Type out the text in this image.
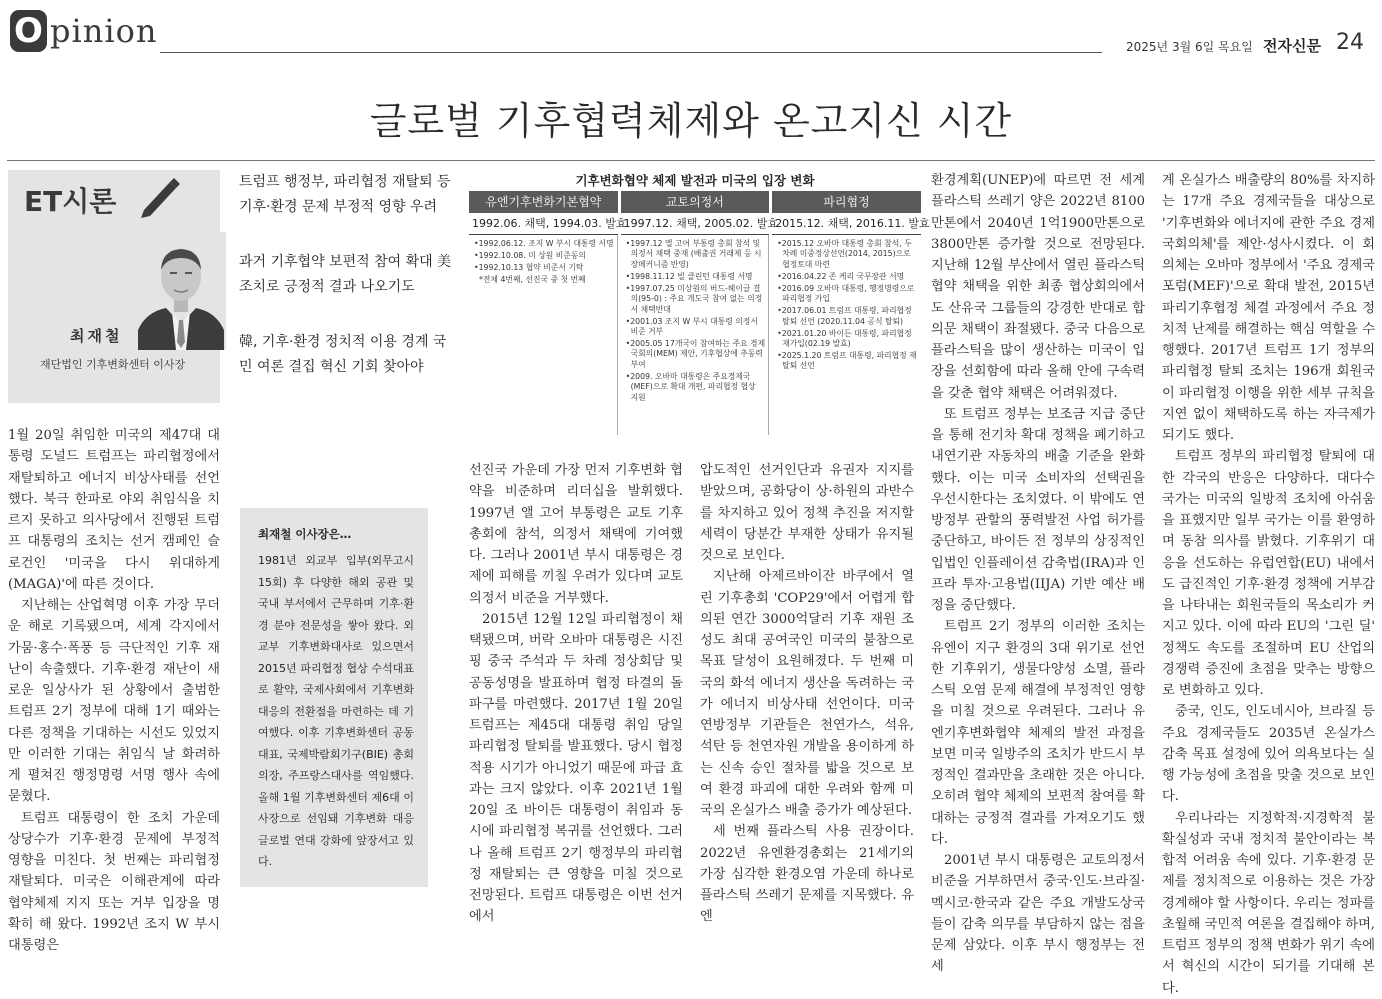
O pinion	2025년 3월 6일 목요일 전자신문 24
글로벌 기후협력체제와 온고지신 시간
ET시론
최재철
재단법인 기후변화센터 이사장
트럼프 행정부, 파리협정 재탈퇴 등 기후·환경 문제 부정적 영향 우려
과거 기후협약 보편적 참여 확대 美 조치로 긍정적 결과 나오기도
韓, 기후·환경 정치적 이용 경계 국민 여론 결집 혁신 기회 찾아야
기후변화협약 체제 발전과 미국의 입장 변화
유엔기후변화기본협약
1992.06. 채택, 1994.03. 발효
•1992.06.12. 조지 W 부시 대통령 서명
•1992.10.08. 미 상원 비준동의
•1992.10.13 협약 비준서 기탁
*전체 4번째, 선진국 중 첫 번째
교토의정서
1997.12. 채택, 2005.02. 발효
•1997.12 앨 고어 부통령 총회 참석 및 의정서 채택 중재 (배출권 거래제 등 시장메커니즘 반영)
•1998.11.12 빌 클린턴 대통령 서명
•1997.07.25 미상원의 버드-헤이글 결의(95-0) : 주요 개도국 참여 없는 의정서 채택반대
•2001.03 조지 W 부시 대통령 의정서 비준 거부
•2005.05 17개국이 참여하는 주요 경제국회의(MEM) 제안, 기후협상에 추동력 부여
•2009. 오바마 대통령은 주요경제국 (MEF)으로 확대 개편, 파리협정 협상 지원
파리협정
2015.12. 채택, 2016.11. 발효
•2015.12 오바마 대통령 총회 참석, 두 차례 미중정상선언(2014, 2015)으로 협정토대 마련
•2016.04.22 존 케리 국무장관 서명
•2016.09 오바마 대통령, 행정명령으로 파리협정 가입
•2017.06.01 트럼프 대통령, 파리협정 탈퇴 선언 (2020.11.04 공식 탈퇴)
•2021.01.20 바이든 대통령, 파리협정 재가입(02.19 발효)
•2025.1.20 트럼프 대통령, 파리협정 재탈퇴 선언

1월 20일 취임한 미국의 제47대 대통령 도널드 트럼프는 파리협정에서 재탈퇴하고 에너지 비상사태를 선언했다. 북극 한파로 야외 취임식을 치르지 못하고 의사당에서 진행된 트럼프 대통령의 조치는 선거 캠페인 슬로건인 '미국을 다시 위대하게(MAGA)'에 따른 것이다.

지난해는 산업혁명 이후 가장 무더운 해로 기록됐으며, 세계 각지에서 가뭄·홍수·폭풍 등 극단적인 기후 재난이 속출했다. 기후·환경 재난이 새로운 일상사가 된 상황에서 출범한 트럼프 2기 정부에 대해 1기 때와는 다른 정책을 기대하는 시선도 있었지만 이러한 기대는 취임식 날 화려하게 펼쳐진 행정명령 서명 행사 속에 묻혔다.

트럼프 대통령이 한 조치 가운데 상당수가 기후·환경 문제에 부정적 영향을 미친다. 첫 번째는 파리협정 재탈퇴다. 미국은 이해관계에 따라 협약체제 지지 또는 거부 입장을 명확히 해 왔다. 1992년 조지 W 부시 대통령은

최재철 이사장은…
1981년 외교부 입부(외무고시 15회) 후 다양한 해외 공관 및 국내 부서에서 근무하며 기후·환경 분야 전문성을 쌓아 왔다. 외교부 기후변화대사로 있으면서 2015년 파리협정 협상 수석대표로 활약, 국제사회에서 기후변화 대응의 전환점을 마련하는 데 기여했다. 이후 기후변화센터 공동대표, 국제박람회기구(BIE) 총회의장, 주프랑스대사를 역임했다. 올해 1월 기후변화센터 제6대 이사장으로 선임돼 기후변화 대응 글로벌 연대 강화에 앞장서고 있다.

선진국 가운데 가장 먼저 기후변화 협약을 비준하며 리더십을 발휘했다. 1997년 앨 고어 부통령은 교토 기후총회에 참석, 의정서 채택에 기여했다. 그러나 2001년 부시 대통령은 경제에 피해를 끼칠 우려가 있다며 교토의정서 비준을 거부했다.

2015년 12월 12일 파리협정이 채택됐으며, 버락 오바마 대통령은 시진핑 중국 주석과 두 차례 정상회담 및 공동성명을 발표하며 협정 타결의 돌파구를 마련했다. 2017년 1월 20일 트럼프는 제45대 대통령 취임 당일 파리협정 탈퇴를 발표했다. 당시 협정 적용 시기가 아니었기 때문에 파급 효과는 크지 않았다. 이후 2021년 1월 20일 조 바이든 대통령이 취임과 동시에 파리협정 복귀를 선언했다. 그러나 올해 트럼프 2기 행정부의 파리협정 재탈퇴는 큰 영향을 미칠 것으로 전망된다. 트럼프 대통령은 이번 선거에서

압도적인 선거인단과 유권자 지지를 받았으며, 공화당이 상·하원의 과반수를 차지하고 있어 정책 추진을 저지할 세력이 당분간 부재한 상태가 유지될 것으로 보인다.

지난해 아제르바이잔 바쿠에서 열린 기후총회 'COP29'에서 어렵게 합의된 연간 3000억달러 기후 재원 조성도 최대 공여국인 미국의 불참으로 목표 달성이 요원해졌다. 두 번째 미국의 화석 에너지 생산을 독려하는 국가 에너지 비상사태 선언이다. 미국 연방정부 기관들은 천연가스, 석유, 석탄 등 천연자원 개발을 용이하게 하는 신속 승인 절차를 밟을 것으로 보여 환경 파괴에 대한 우려와 함께 미국의 온실가스 배출 증가가 예상된다.

세 번째 플라스틱 사용 권장이다. 2022년 유엔환경총회는 21세기의 가장 심각한 환경오염 가운데 하나로 플라스틱 쓰레기 문제를 지목했다. 유엔

환경계획(UNEP)에 따르면 전 세계 플라스틱 쓰레기 양은 2022년 8100만톤에서 2040년 1억1900만톤으로 3800만톤 증가할 것으로 전망된다. 지난해 12월 부산에서 열린 플라스틱 협약 채택을 위한 최종 협상회의에서도 산유국 그룹들의 강경한 반대로 합의문 채택이 좌절됐다. 중국 다음으로 플라스틱을 많이 생산하는 미국이 입장을 선회함에 따라 올해 안에 구속력을 갖춘 협약 채택은 어려워졌다.

또 트럼프 정부는 보조금 지급 중단을 통해 전기차 확대 정책을 폐기하고 내연기관 자동차의 배출 기준을 완화했다. 이는 미국 소비자의 선택권을 우선시한다는 조치였다. 이 밖에도 연방정부 관할의 풍력발전 사업 허가를 중단하고, 바이든 전 정부의 상징적인 입법인 인플레이션 감축법(IRA)과 인프라 투자·고용법(IIJA) 기반 예산 배정을 중단했다.

트럼프 2기 정부의 이러한 조치는 유엔이 지구 환경의 3대 위기로 선언한 기후위기, 생물다양성 소멸, 플라스틱 오염 문제 해결에 부정적인 영향을 미칠 것으로 우려된다. 그러나 유엔기후변화협약 체제의 발전 과정을 보면 미국 일방주의 조치가 반드시 부정적인 결과만을 초래한 것은 아니다. 오히려 협약 체제의 보편적 참여를 확대하는 긍정적 결과를 가져오기도 했다.

2001년 부시 대통령은 교토의정서 비준을 거부하면서 중국·인도·브라질·멕시코·한국과 같은 주요 개발도상국들이 감축 의무를 부담하지 않는 점을 문제 삼았다. 이후 부시 행정부는 전 세

계 온실가스 배출량의 80%를 차지하는 17개 주요 경제국들을 대상으로 '기후변화와 에너지에 관한 주요 경제국회의체'를 제안·성사시켰다. 이 회의체는 오바마 정부에서 '주요 경제국 포럼(MEF)'으로 확대 발전, 2015년 파리기후협정 체결 과정에서 주요 정치적 난제를 해결하는 핵심 역할을 수행했다. 2017년 트럼프 1기 정부의 파리협정 탈퇴 조치는 196개 회원국이 파리협정 이행을 위한 세부 규칙을 지연 없이 채택하도록 하는 자극제가 되기도 했다.

트럼프 정부의 파리협정 탈퇴에 대한 각국의 반응은 다양하다. 대다수 국가는 미국의 일방적 조치에 아쉬움을 표했지만 일부 국가는 이를 환영하며 동참 의사를 밝혔다. 기후위기 대응을 선도하는 유럽연합(EU) 내에서도 급진적인 기후·환경 정책에 거부감을 나타내는 회원국들의 목소리가 커지고 있다. 이에 따라 EU의 '그린 딜' 정책도 속도를 조절하며 EU 산업의 경쟁력 증진에 초점을 맞추는 방향으로 변화하고 있다.

중국, 인도, 인도네시아, 브라질 등 주요 경제국들도 2035년 온실가스 감축 목표 설정에 있어 의욕보다는 실행 가능성에 초점을 맞출 것으로 보인다.

우리나라는 지정학적·지경학적 불확실성과 국내 정치적 불안이라는 복합적 어려움 속에 있다. 기후·환경 문제를 정치적으로 이용하는 것은 가장 경계해야 할 사항이다. 우리는 정파를 초월해 국민적 여론을 결집해야 하며, 트럼프 정부의 정책 변화가 위기 속에서 혁신의 시간이 되기를 기대해 본다.
